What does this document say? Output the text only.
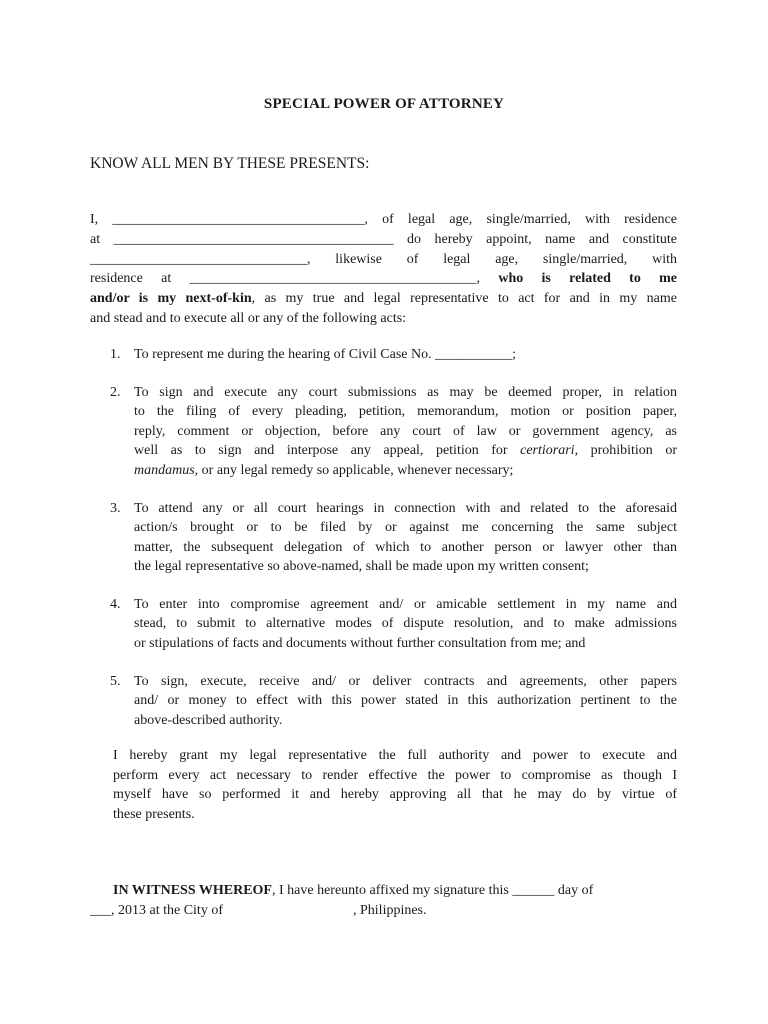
SPECIAL POWER OF ATTORNEY
KNOW ALL MEN BY THESE PRESENTS:
I, ____________________________________, of legal age, single/married, with residence
at ________________________________________ do hereby appoint, name and constitute
_______________________________, likewise of legal age, single/married, with
residence at _________________________________________, who is related to me
and/or is my next-of-kin, as my true and legal representative to act for and in my name
and stead and to execute all or any of the following acts:
1. To represent me during the hearing of Civil Case No. ___________;
2. To sign and execute any court submissions as may be deemed proper, in relation
to the filing of every pleading, petition, memorandum, motion or position paper,
reply, comment or objection, before any court of law or government agency, as
well as to sign and interpose any appeal, petition for certiorari, prohibition or
mandamus, or any legal remedy so applicable, whenever necessary;
3. To attend any or all court hearings in connection with and related to the aforesaid
action/s brought or to be filed by or against me concerning the same subject
matter, the subsequent delegation of which to another person or lawyer other than
the legal representative so above-named, shall be made upon my written consent;
4. To enter into compromise agreement and/ or amicable settlement in my name and
stead, to submit to alternative modes of dispute resolution, and to make admissions
or stipulations of facts and documents without further consultation from me; and
5. To sign, execute, receive and/ or deliver contracts and agreements, other papers
and/ or money to effect with this power stated in this authorization pertinent to the
above-described authority.
I hereby grant my legal representative the full authority and power to execute and
perform every act necessary to render effective the power to compromise as though I
myself have so performed it and hereby approving all that he may do by virtue of
these presents.
IN WITNESS WHEREOF, I have hereunto affixed my signature this ______ day of
___, 2013 at the City of	, Philippines.
